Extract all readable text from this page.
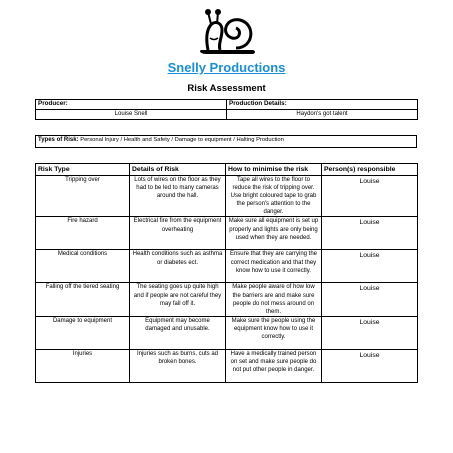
Snelly Productions
Risk Assessment
Producer:	Production Details:
Louise Snell	Haydon's got talent
Types of Risk: Personal Injury / Health and Safety / Damage to equipment / Halting Production
Risk Type	Details of Risk	How to minimise the risk	Person(s) responsible
Tripping over	Lots of wires on the floor as they had to be led to many cameras around the hall.	Tape all wires to the floor to reduce the risk of tripping over. Use bright coloured tape to grab the person's attention to the danger.	Louise
Fire hazard	Electrical fire from the equipment overheating	Make sure all equipment is set up properly and lights are only being used when they are needed.	Louise
Medical conditions	Health conditions such as asthma or diabetes ect.	Ensure that they are carrying the correct medication and that they know how to use it correctly.	Louise
Falling off the tiered seating	The seating goes up quite high and if people are not careful they may fall off it.	Make people aware of how low the barriers are and make sure people do not mess around on them.	Louise
Damage to equipment	Equipment may become damaged and unusable.	Make sure the people using the equipment know how to use it correctly.	Louise
Injuries	Injuries such as burns, cuts ad broken bones.	Have a medically trained person on set and make sure people do not put other people in danger.	Louise
